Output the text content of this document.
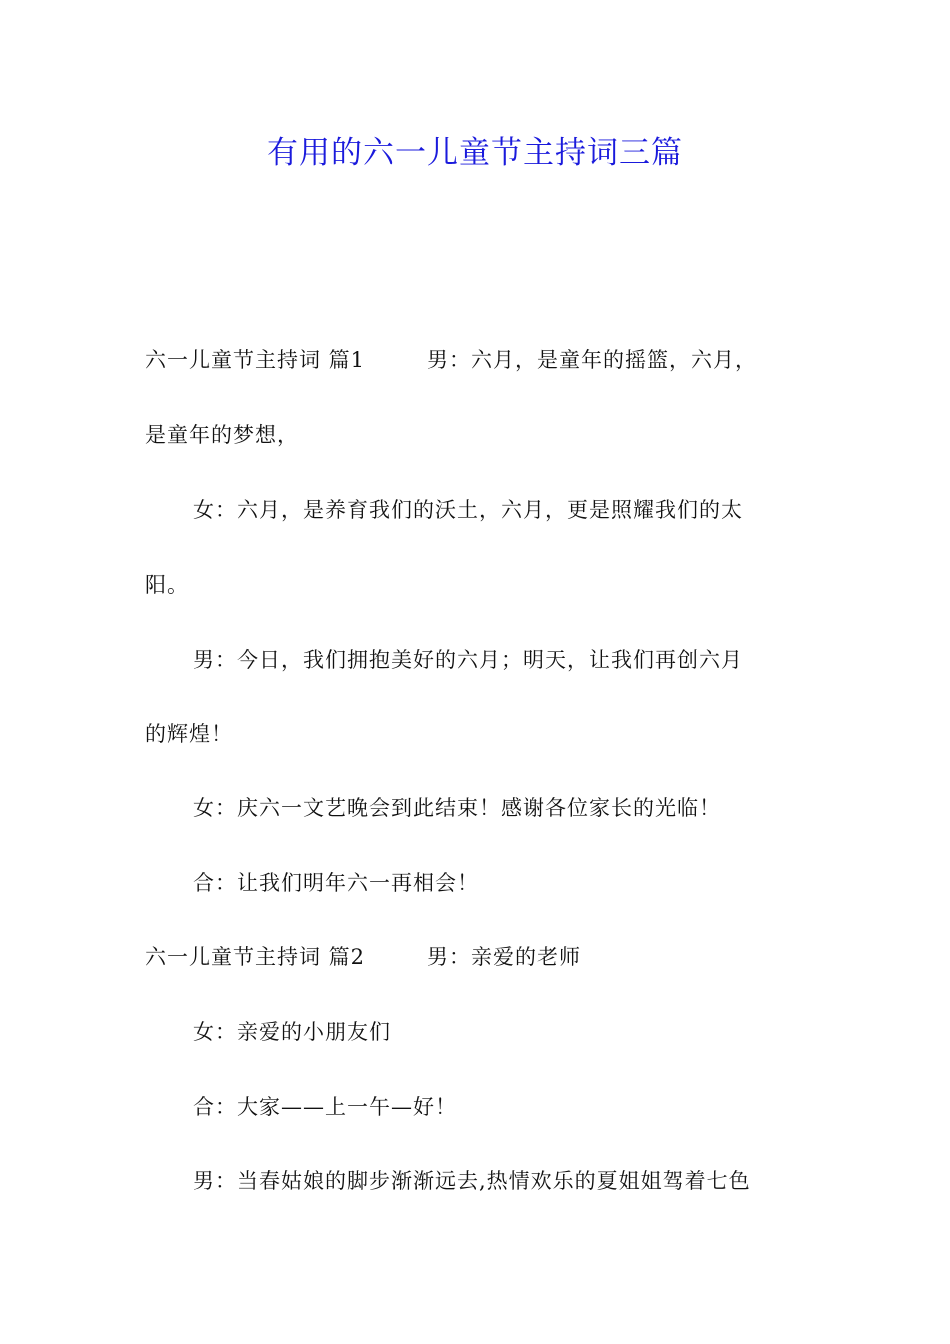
有用的六一儿童节主持词三篇
六一儿童节主持词 篇1	男：六月，是童年的摇篮，六月，
是童年的梦想，
女：六月，是养育我们的沃土，六月，更是照耀我们的太
阳。
男：今日，我们拥抱美好的六月；明天，让我们再创六月
的辉煌！
女：庆六一文艺晚会到此结束！感谢各位家长的光临！
合：让我们明年六一再相会！
六一儿童节主持词 篇2	男：亲爱的老师
女：亲爱的小朋友们
合：大家——上一午—好！
男：当春姑娘的脚步渐渐远去,热情欢乐的夏姐姐驾着七色
